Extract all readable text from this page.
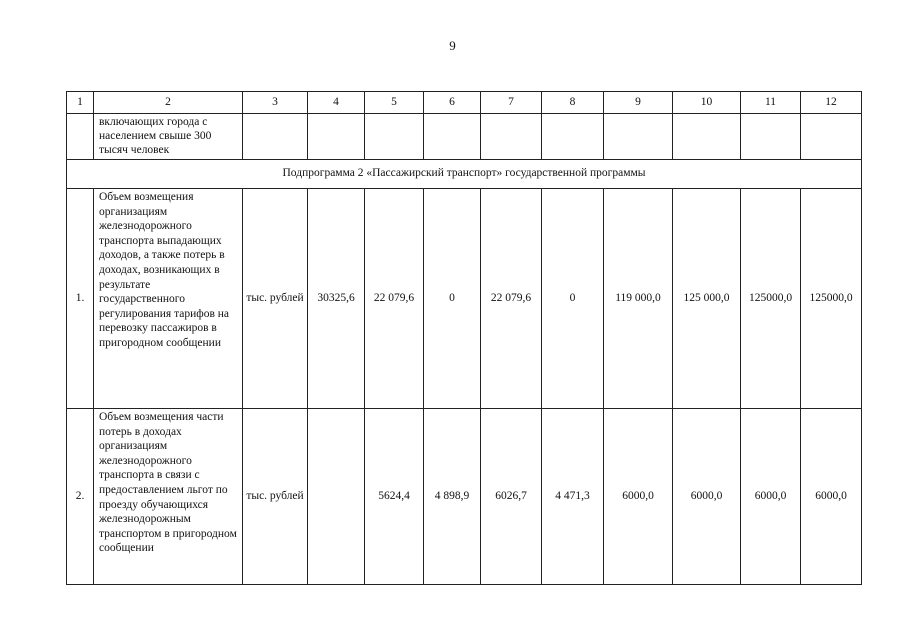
9
1	2	3	4	5	6	7	8	9	10	11	12
	включающих города с населением свыше 300 тысяч человек										
Подпрограмма 2 «Пассажирский транспорт» государственной программы											
1.	Объем возмещения организациям железнодорожного транспорта выпадающих доходов, а также потерь в доходах, возникающих в результате государственного регулирования тарифов на перевозку пассажиров в пригородном сообщении	тыс. рублей	30325,6	22 079,6	0	22 079,6	0	119 000,0	125 000,0	125000,0	125000,0
2.	Объем возмещения части потерь в доходах организациям железнодорожного транспорта в связи с предоставлением льгот по проезду обучающихся железнодорожным транспортом в пригородном сообщении	тыс. рублей		5624,4	4 898,9	6026,7	4 471,3	6000,0	6000,0	6000,0	6000,0
